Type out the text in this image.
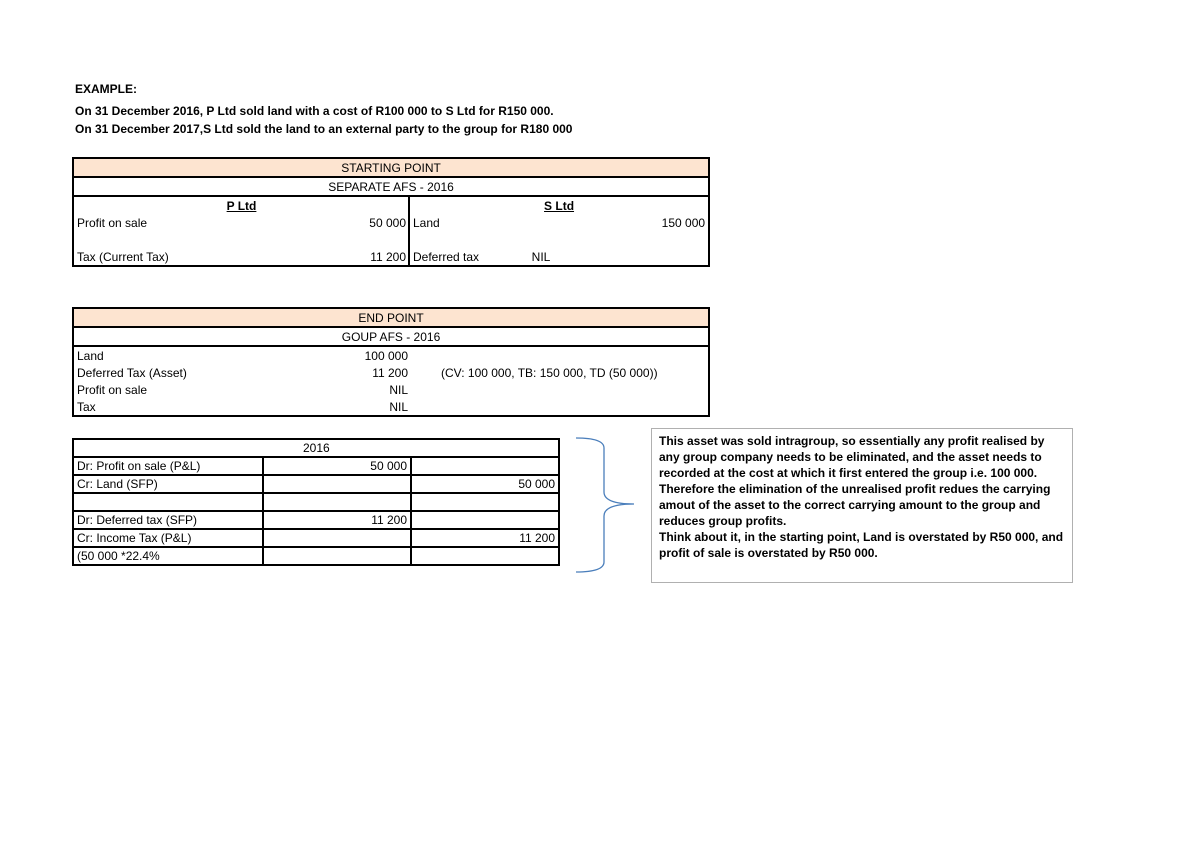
EXAMPLE:
On 31 December 2016, P Ltd sold land with a cost of R100 000 to S Ltd for R150 000.
On 31 December 2017,S Ltd sold the land to an external party to the group for R180 000
STARTING POINT			
SEPARATE AFS - 2016			
P Ltd		S Ltd		
Profit on sale 50 000		Land		150 000

Tax (Current Tax) 11 200		Deferred tax	NIL	
END POINT		
GOUP AFS - 2016		
Land	100 000	
Deferred Tax (Asset)	11 200	(CV: 100 000, TB: 150 000, TD (50 000))
Profit on sale	NIL	
Tax	NIL	
	2016	
Dr: Profit on sale (P&L)	50 000	
Cr: Land (SFP)		50 000

Dr: Deferred tax (SFP)	11 200	
Cr: Income Tax (P&L)		11 200
(50 000 *22.4%		

This asset was sold intragroup, so essentially any profit realised by any group company needs to be eliminated, and the asset needs to recorded at the cost at which it first entered the group i.e. 100 000. Therefore the elimination of the unrealised profit redues the carrying amout of the asset to the correct carrying amount to the group and reduces group profits.

Think about it, in the starting point, Land is overstated by R50 000, and profit of sale is overstated by R50 000.
